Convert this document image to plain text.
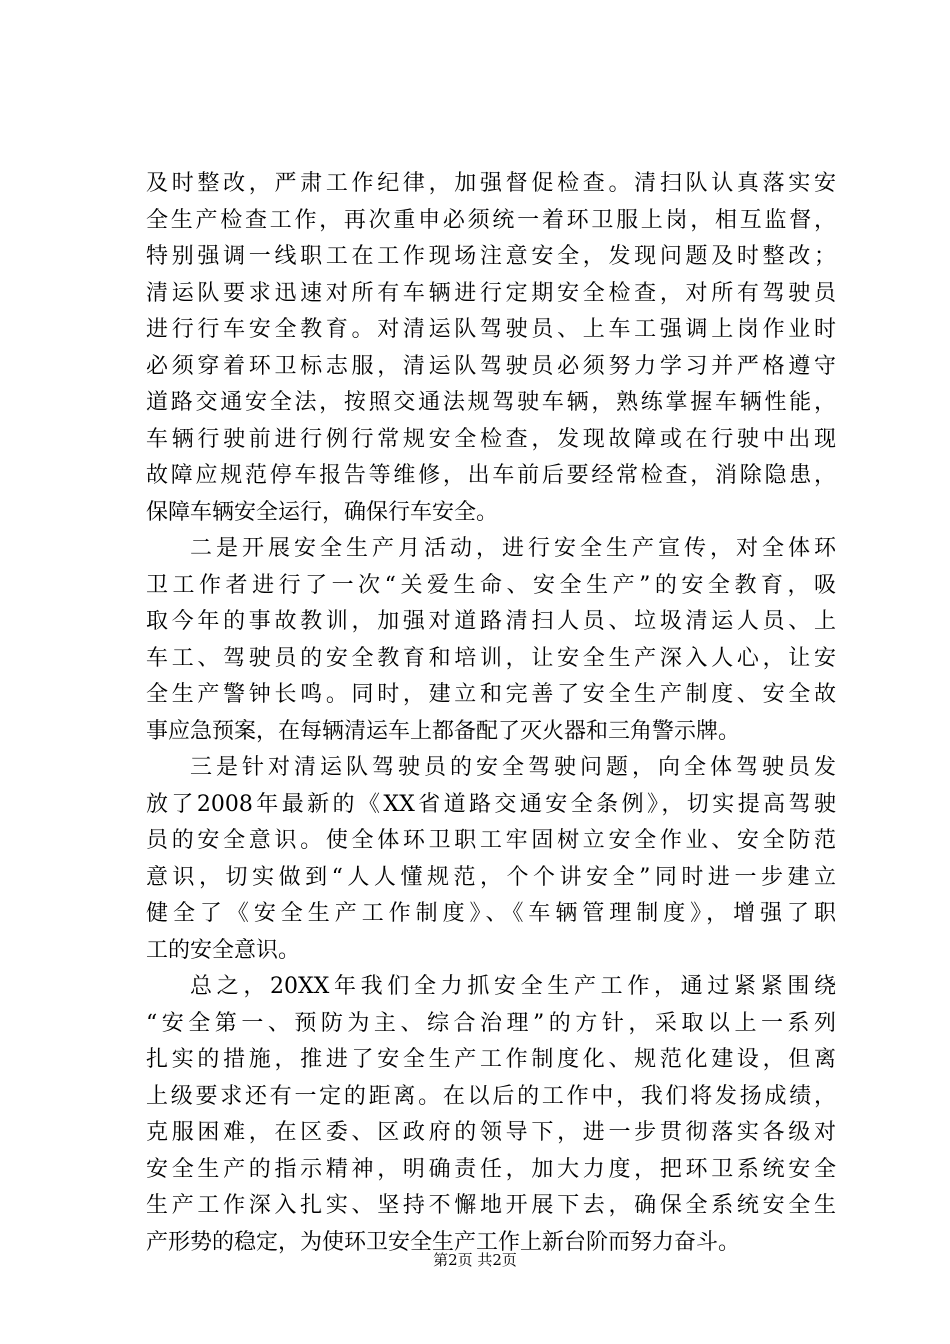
及时整改，严肃工作纪律，加强督促检查。清扫队认真落实安
全生产检查工作，再次重申必须统一着环卫服上岗，相互监督，
特别强调一线职工在工作现场注意安全，发现问题及时整改；
清运队要求迅速对所有车辆进行定期安全检查，对所有驾驶员
进行行车安全教育。对清运队驾驶员、上车工强调上岗作业时
必须穿着环卫标志服，清运队驾驶员必须努力学习并严格遵守
道路交通安全法，按照交通法规驾驶车辆，熟练掌握车辆性能，
车辆行驶前进行例行常规安全检查，发现故障或在行驶中出现
故障应规范停车报告等维修，出车前后要经常检查，消除隐患，
保障车辆安全运行，确保行车安全。
二是开展安全生产月活动，进行安全生产宣传，对全体环
卫工作者进行了一次“关爱生命、安全生产”的安全教育，吸
取今年的事故教训，加强对道路清扫人员、垃圾清运人员、上
车工、驾驶员的安全教育和培训，让安全生产深入人心，让安
全生产警钟长鸣。同时，建立和完善了安全生产制度、安全故
事应急预案，在每辆清运车上都备配了灭火器和三角警示牌。
三是针对清运队驾驶员的安全驾驶问题，向全体驾驶员发
放了2008年最新的《XX省道路交通安全条例》，切实提高驾驶
员的安全意识。使全体环卫职工牢固树立安全作业、安全防范
意识，切实做到“人人懂规范，个个讲安全”同时进一步建立
健全了《安全生产工作制度》、《车辆管理制度》，增强了职
工的安全意识。
总之，20XX年我们全力抓安全生产工作，通过紧紧围绕
“安全第一、预防为主、综合治理”的方针，采取以上一系列
扎实的措施，推进了安全生产工作制度化、规范化建设，但离
上级要求还有一定的距离。在以后的工作中，我们将发扬成绩，
克服困难，在区委、区政府的领导下，进一步贯彻落实各级对
安全生产的指示精神，明确责任，加大力度，把环卫系统安全
生产工作深入扎实、坚持不懈地开展下去，确保全系统安全生
产形势的稳定，为使环卫安全生产工作上新台阶而努力奋斗。
第2页 共2页
